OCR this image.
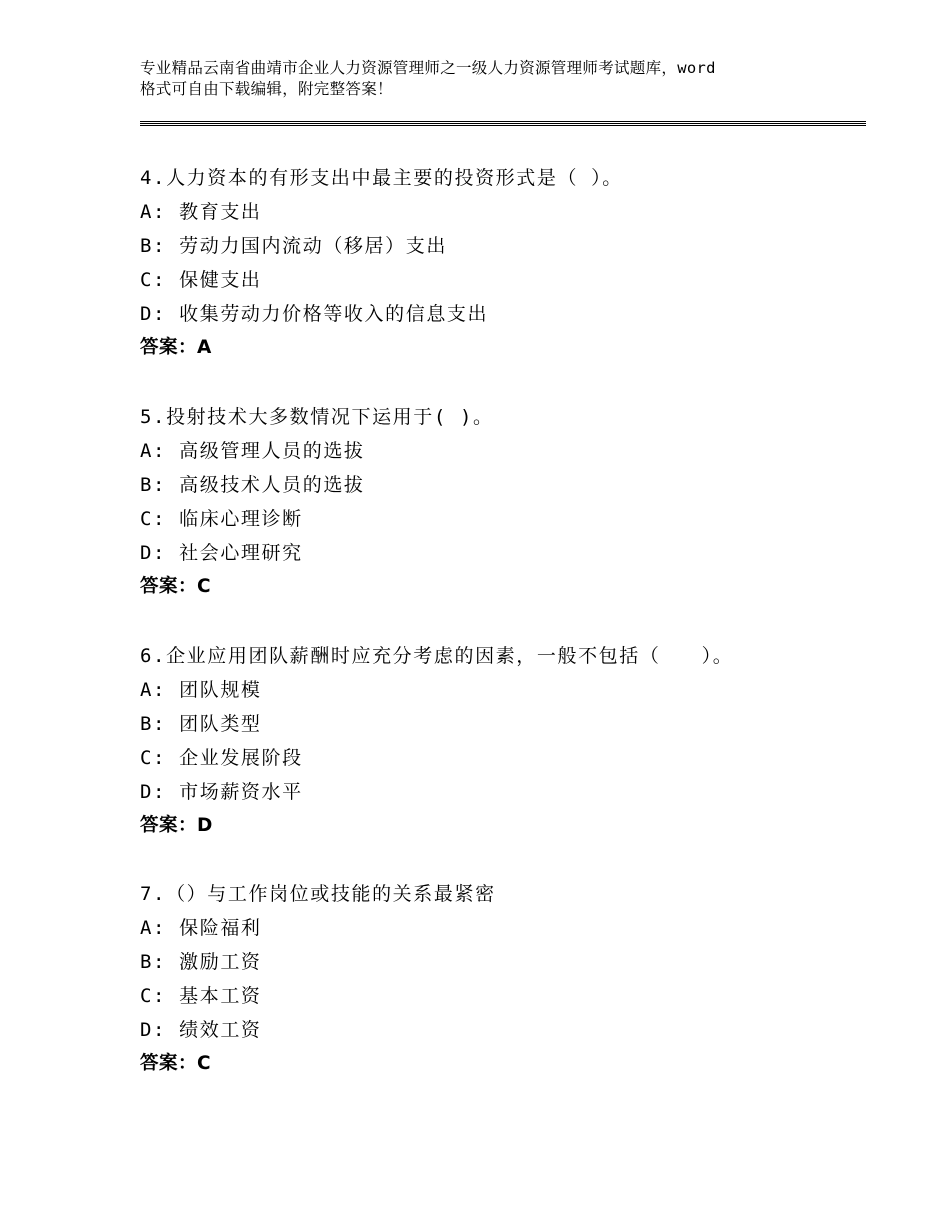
专业精品云南省曲靖市企业人力资源管理师之一级人力资源管理师考试题库，word
格式可自由下载编辑，附完整答案！
4.人力资本的有形支出中最主要的投资形式是（ ）。
A: 教育支出
B: 劳动力国内流动（移居）支出
C: 保健支出
D: 收集劳动力价格等收入的信息支出
答案：A
5.投射技术大多数情况下运用于( )。
A: 高级管理人员的选拔
B: 高级技术人员的选拔
C: 临床心理诊断
D: 社会心理研究
答案：C
6.企业应用团队薪酬时应充分考虑的因素，一般不包括（　　）。
A: 团队规模
B: 团队类型
C: 企业发展阶段
D: 市场薪资水平
答案：D
7.（）与工作岗位或技能的关系最紧密
A: 保险福利
B: 激励工资
C: 基本工资
D: 绩效工资
答案：C
